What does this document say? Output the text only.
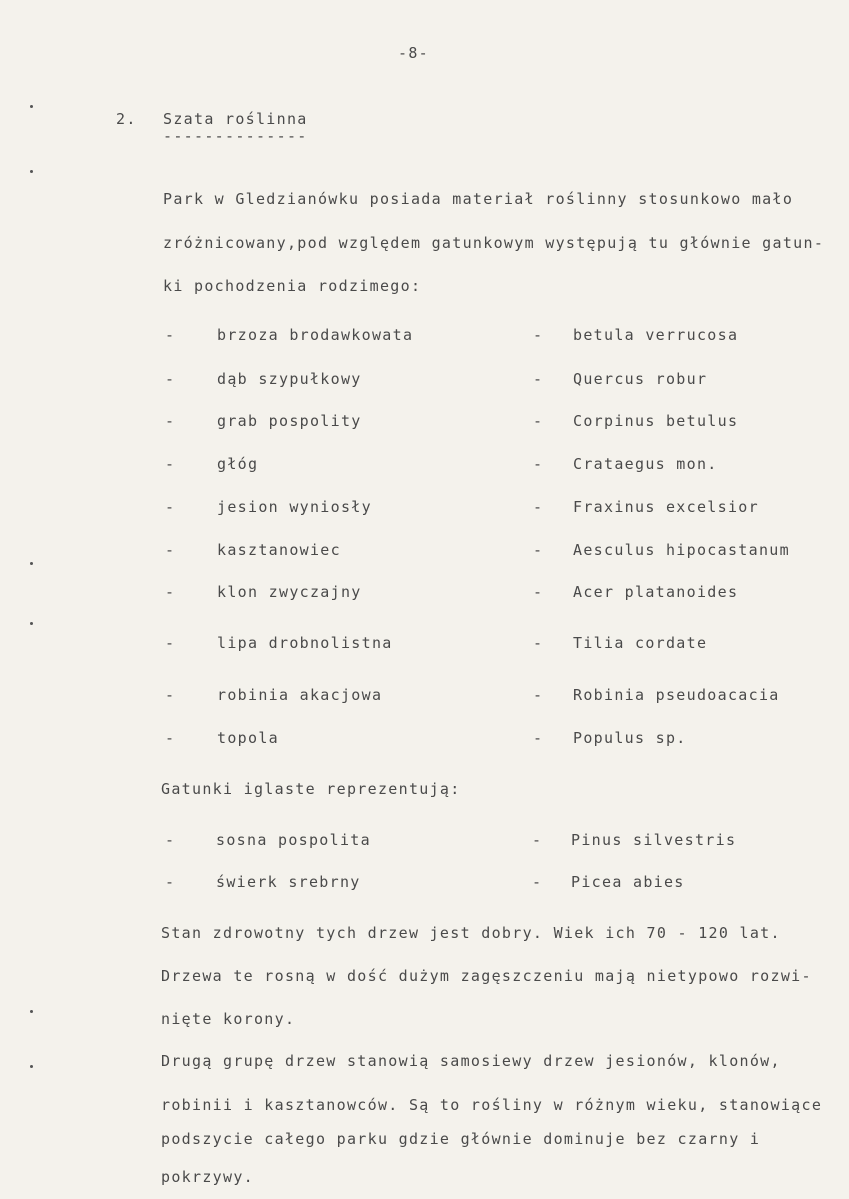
-8-
2. Szata roślinna
--------------
Park w Gledzianówku posiada materiał roślinny stosunkowo mało
zróżnicowany,pod względem gatunkowym występują tu głównie gatun-
ki pochodzenia rodzimego:
-	brzoza brodawkowata	- betula verrucosa
-	dąb szypułkowy	- Quercus robur
-	grab pospolity	- Corpinus betulus
-	głóg	- Crataegus mon.
-	jesion wyniosły	- Fraxinus excelsior
-	kasztanowiec	- Aesculus hipocastanum
-	klon zwyczajny	- Acer platanoides
-	lipa drobnolistna	- Tilia cordate
-	robinia akacjowa	- Robinia pseudoacacia
-	topola	- Populus sp.
Gatunki iglaste reprezentują:
-	sosna pospolita	- Pinus silvestris
-	świerk srebrny	- Picea abies
Stan zdrowotny tych drzew jest dobry. Wiek ich 70 - 120 lat.
Drzewa te rosną w dość dużym zagęszczeniu mają nietypowo rozwi-
nięte korony.
Drugą grupę drzew stanowią samosiewy drzew jesionów, klonów,
robinii i kasztanowców. Są to rośliny w różnym wieku, stanowiące
podszycie całego parku gdzie głównie dominuje bez czarny i
pokrzywy.
